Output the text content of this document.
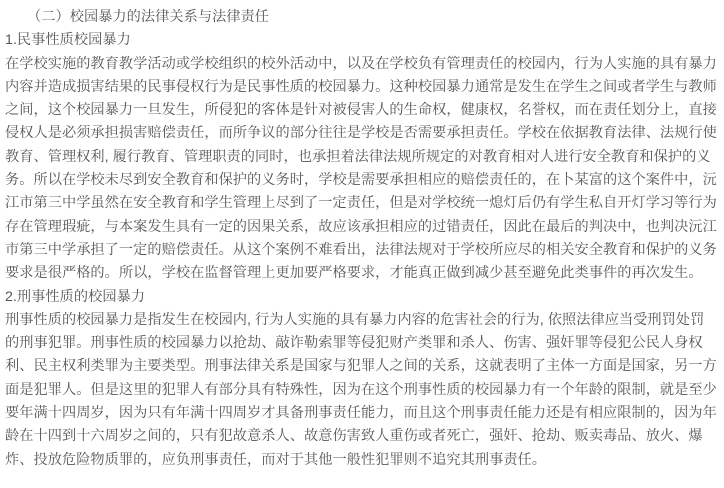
（二）校园暴力的法律关系与法律责任

1.民事性质校园暴力

在学校实施的教育教学活动或学校组织的校外活动中，以及在学校负有管理责任的校园内，行为人实施的具有暴力内容并造成损害结果的民事侵权行为是民事性质的校园暴力。这种校园暴力通常是发生在学生之间或者学生与教师之间，这个校园暴力一旦发生，所侵犯的客体是针对被侵害人的生命权，健康权，名誉权，而在责任划分上，直接侵权人是必须承担损害赔偿责任，而所争议的部分往往是学校是否需要承担责任。学校在依据教育法律、法规行使教育、管理权利, 履行教育、管理职责的同时，也承担着法律法规所规定的对教育相对人进行安全教育和保护的义务。所以在学校未尽到安全教育和保护的义务时，学校是需要承担相应的赔偿责任的，在卜某富的这个案件中，沅江市第三中学虽然在安全教育和学生管理上尽到了一定责任，但是对学校统一熄灯后仍有学生私自开灯学习等行为存在管理瑕疵，与本案发生具有一定的因果关系，故应该承担相应的过错责任，因此在最后的判决中，也判决沅江市第三中学承担了一定的赔偿责任。从这个案例不难看出，法律法规对于学校所应尽的相关安全教育和保护的义务要求是很严格的。所以，学校在监督管理上更加要严格要求，才能真正做到减少甚至避免此类事件的再次发生。

2.刑事性质的校园暴力

刑事性质的校园暴力是指发生在校园内, 行为人实施的具有暴力内容的危害社会的行为, 依照法律应当受刑罚处罚的刑事犯罪。刑事性质的校园暴力以抢劫、敲诈勒索罪等侵犯财产类罪和杀人、伤害、强奸罪等侵犯公民人身权利、民主权利类罪为主要类型。刑事法律关系是国家与犯罪人之间的关系，这就表明了主体一方面是国家，另一方面是犯罪人。但是这里的犯罪人有部分具有特殊性，因为在这个刑事性质的校园暴力有一个年龄的限制，就是至少要年满十四周岁，因为只有年满十四周岁才具备刑事责任能力，而且这个刑事责任能力还是有相应限制的，因为年龄在十四到十六周岁之间的，只有犯故意杀人、故意伤害致人重伤或者死亡，强奸、抢劫、贩卖毒品、放火、爆炸、投放危险物质罪的，应负刑事责任，而对于其他一般性犯罪则不追究其刑事责任。
